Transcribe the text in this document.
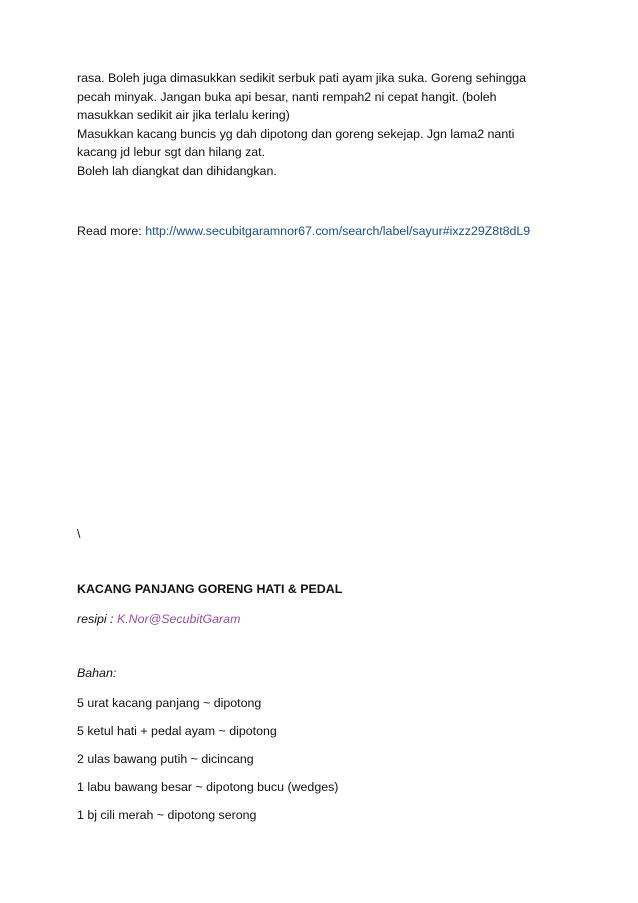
rasa. Boleh juga dimasukkan sedikit serbuk pati ayam jika suka. Goreng sehingga

pecah minyak. Jangan buka api besar, nanti rempah2 ni cepat hangit. (boleh

masukkan sedikit air jika terlalu kering)

Masukkan kacang buncis yg dah dipotong dan goreng sekejap. Jgn lama2 nanti

kacang jd lebur sgt dan hilang zat.

Boleh lah diangkat dan dihidangkan.

Read more: http://www.secubitgaramnor67.com/search/label/sayur#ixzz29Z8t8dL9
\
KACANG PANJANG GORENG HATI & PEDAL
resipi : K.Nor@SecubitGaram
Bahan:
5 urat kacang panjang ~ dipotong
5 ketul hati + pedal ayam ~ dipotong
2 ulas bawang putih ~ dicincang
1 labu bawang besar ~ dipotong bucu (wedges)
1 bj cili merah ~ dipotong serong
